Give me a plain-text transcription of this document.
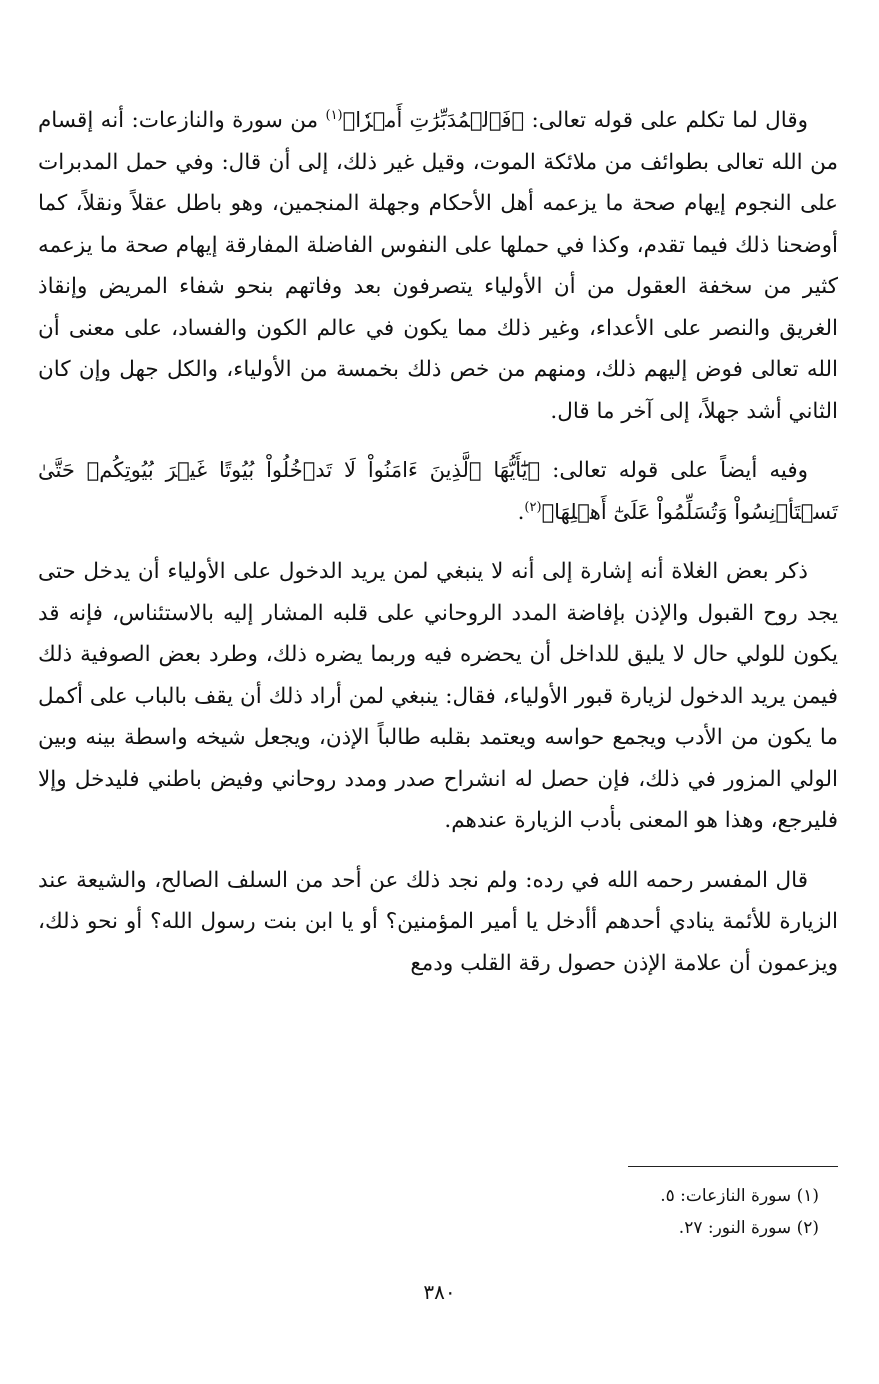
وقال لما تكلم على قوله تعالى: ﴿فَٱلۡمُدَبِّرَٰتِ أَمۡرٗا﴾$^{(١)}$ من سورة والنازعات: أنه إقسام من الله تعالى بطوائف من ملائكة الموت، وقيل غير ذلك، إلى أن قال: وفي حمل المدبرات على النجوم إيهام صحة ما يزعمه أهل الأحكام وجهلة المنجمين، وهو باطل عقلاً ونقلاً، كما أوضحنا ذلك فيما تقدم، وكذا في حملها على النفوس الفاضلة المفارقة إيهام صحة ما يزعمه كثير من سخفة العقول من أن الأولياء يتصرفون بعد وفاتهم بنحو شفاء المريض وإنقاذ الغريق والنصر على الأعداء، وغير ذلك مما يكون في عالم الكون والفساد، على معنى أن الله تعالى فوض إليهم ذلك، ومنهم من خص ذلك بخمسة من الأولياء، والكل جهل وإن كان الثاني أشد جهلاً، إلى آخر ما قال.

وفيه أيضاً على قوله تعالى: ﴿يَٰٓأَيُّهَا ٱلَّذِينَ ءَامَنُواْ لَا تَدۡخُلُواْ بُيُوتًا غَيۡرَ بُيُوتِكُمۡ حَتَّىٰ تَسۡتَأۡنِسُواْ وَتُسَلِّمُواْ عَلَىٰٓ أَهۡلِهَا﴾$^{(٢)}$.

ذكر بعض الغلاة أنه إشارة إلى أنه لا ينبغي لمن يريد الدخول على الأولياء أن يدخل حتى يجد روح القبول والإذن بإفاضة المدد الروحاني على قلبه المشار إليه بالاستئناس، فإنه قد يكون للولي حال لا يليق للداخل أن يحضره فيه وربما يضره ذلك، وطرد بعض الصوفية ذلك فيمن يريد الدخول لزيارة قبور الأولياء، فقال: ينبغي لمن أراد ذلك أن يقف بالباب على أكمل ما يكون من الأدب ويجمع حواسه ويعتمد بقلبه طالباً الإذن، ويجعل شيخه واسطة بينه وبين الولي المزور في ذلك، فإن حصل له انشراح صدر ومدد روحاني وفيض باطني فليدخل وإلا فليرجع، وهذا هو المعنى بأدب الزيارة عندهم.

قال المفسر رحمه الله في رده: ولم نجد ذلك عن أحد من السلف الصالح، والشيعة عند الزيارة للأئمة ينادي أحدهم أأدخل يا أمير المؤمنين؟ أو يا ابن بنت رسول الله؟ أو نحو ذلك، ويزعمون أن علامة الإذن حصول رقة القلب ودمع

(١) سورة النازعات: ٥.

(٢) سورة النور: ٢٧.

٣٨٠
